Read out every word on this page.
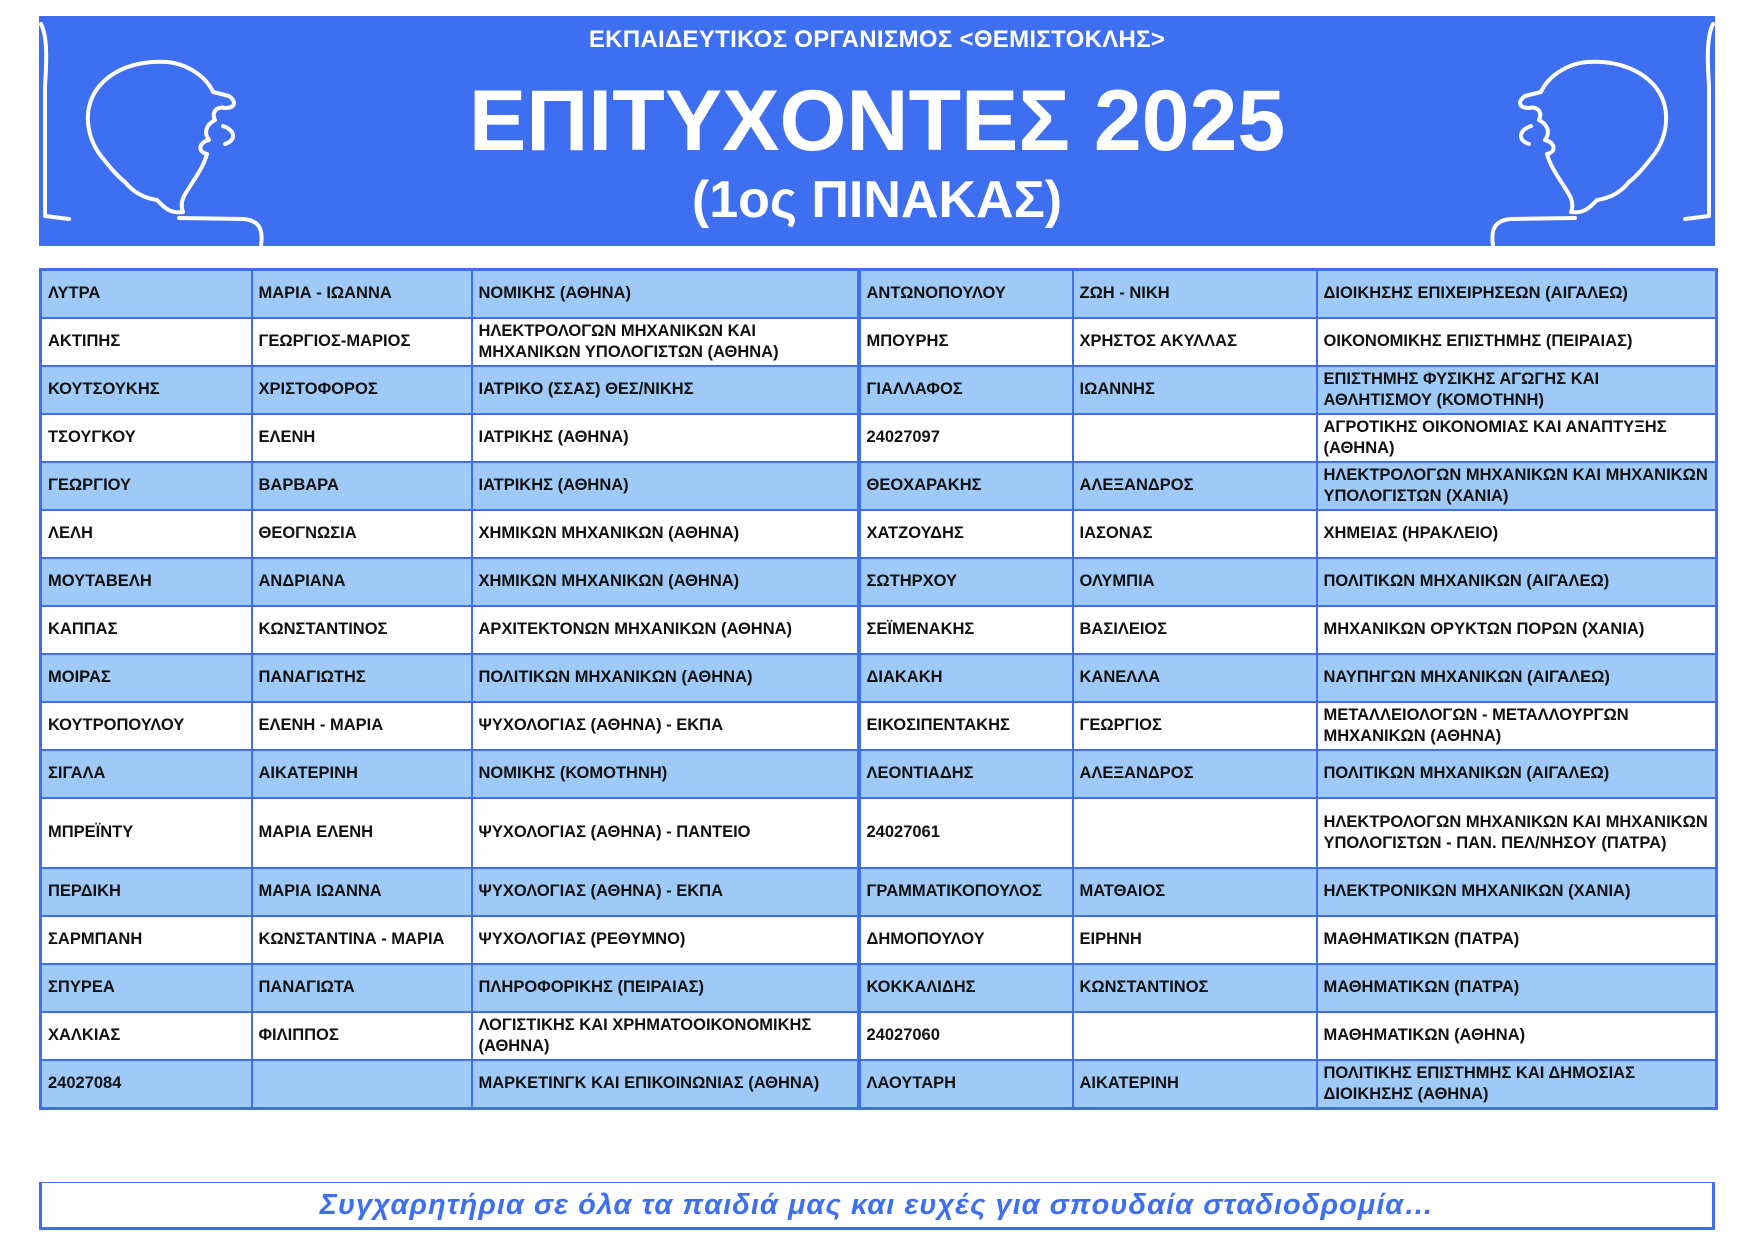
ΕΚΠΑΙΔΕΥΤΙΚΟΣ ΟΡΓΑΝΙΣΜΟΣ <ΘΕΜΙΣΤΟΚΛΗΣ>
ΕΠΙΤΥΧΟΝΤΕΣ 2025
(1ος ΠΙΝΑΚΑΣ)
ΛΥΤΡΑ	ΜΑΡΙΑ - ΙΩΑΝΝΑ	ΝΟΜΙΚΗΣ (ΑΘΗΝΑ)	ΑΝΤΩΝΟΠΟΥΛΟΥ	ΖΩΗ - ΝΙΚΗ	ΔΙΟΙΚΗΣΗΣ ΕΠΙΧΕΙΡΗΣΕΩΝ (ΑΙΓΑΛΕΩ)
ΑΚΤΙΠΗΣ	ΓΕΩΡΓΙΟΣ-ΜΑΡΙΟΣ	ΗΛΕΚΤΡΟΛΟΓΩΝ ΜΗΧΑΝΙΚΩΝ ΚΑΙ ΜΗΧΑΝΙΚΩΝ ΥΠΟΛΟΓΙΣΤΩΝ (ΑΘΗΝΑ)	ΜΠΟΥΡΗΣ	ΧΡΗΣΤΟΣ ΑΚΥΛΛΑΣ	ΟΙΚΟΝΟΜΙΚΗΣ ΕΠΙΣΤΗΜΗΣ (ΠΕΙΡΑΙΑΣ)
ΚΟΥΤΣΟΥΚΗΣ	ΧΡΙΣΤΟΦΟΡΟΣ	ΙΑΤΡΙΚΟ (ΣΣΑΣ) ΘΕΣ/ΝΙΚΗΣ	ΓΙΑΛΛΑΦΟΣ	ΙΩΑΝΝΗΣ	ΕΠΙΣΤΗΜΗΣ ΦΥΣΙΚΗΣ ΑΓΩΓΗΣ ΚΑΙ ΑΘΛΗΤΙΣΜΟΥ (ΚΟΜΟΤΗΝΗ)
ΤΣΟΥΓΚΟΥ	ΕΛΕΝΗ	ΙΑΤΡΙΚΗΣ (ΑΘΗΝΑ)	24027097		ΑΓΡΟΤΙΚΗΣ ΟΙΚΟΝΟΜΙΑΣ ΚΑΙ ΑΝΑΠΤΥΞΗΣ (ΑΘΗΝΑ)
ΓΕΩΡΓΙΟΥ	ΒΑΡΒΑΡΑ	ΙΑΤΡΙΚΗΣ (ΑΘΗΝΑ)	ΘΕΟΧΑΡΑΚΗΣ	ΑΛΕΞΑΝΔΡΟΣ	ΗΛΕΚΤΡΟΛΟΓΩΝ ΜΗΧΑΝΙΚΩΝ ΚΑΙ ΜΗΧΑΝΙΚΩΝ ΥΠΟΛΟΓΙΣΤΩΝ (ΧΑΝΙΑ)
ΛΕΛΗ	ΘΕΟΓΝΩΣΙΑ	ΧΗΜΙΚΩΝ ΜΗΧΑΝΙΚΩΝ (ΑΘΗΝΑ)	ΧΑΤΖΟΥΔΗΣ	ΙΑΣΟΝΑΣ	ΧΗΜΕΙΑΣ (ΗΡΑΚΛΕΙΟ)
ΜΟΥΤΑΒΕΛΗ	ΑΝΔΡΙΑΝΑ	ΧΗΜΙΚΩΝ ΜΗΧΑΝΙΚΩΝ (ΑΘΗΝΑ)	ΣΩΤΗΡΧΟΥ	ΟΛΥΜΠΙΑ	ΠΟΛΙΤΙΚΩΝ ΜΗΧΑΝΙΚΩΝ (ΑΙΓΑΛΕΩ)
ΚΑΠΠΑΣ	ΚΩΝΣΤΑΝΤΙΝΟΣ	ΑΡΧΙΤΕΚΤΟΝΩΝ ΜΗΧΑΝΙΚΩΝ (ΑΘΗΝΑ)	ΣΕΪΜΕΝΑΚΗΣ	ΒΑΣΙΛΕΙΟΣ	ΜΗΧΑΝΙΚΩΝ ΟΡΥΚΤΩΝ ΠΟΡΩΝ (ΧΑΝΙΑ)
ΜΟΙΡΑΣ	ΠΑΝΑΓΙΩΤΗΣ	ΠΟΛΙΤΙΚΩΝ ΜΗΧΑΝΙΚΩΝ (ΑΘΗΝΑ)	ΔΙΑΚΑΚΗ	ΚΑΝΕΛΛΑ	ΝΑΥΠΗΓΩΝ ΜΗΧΑΝΙΚΩΝ (ΑΙΓΑΛΕΩ)
ΚΟΥΤΡΟΠΟΥΛΟΥ	ΕΛΕΝΗ - ΜΑΡΙΑ	ΨΥΧΟΛΟΓΙΑΣ (ΑΘΗΝΑ) - ΕΚΠΑ	ΕΙΚΟΣΙΠΕΝΤΑΚΗΣ	ΓΕΩΡΓΙΟΣ	ΜΕΤΑΛΛΕΙΟΛΟΓΩΝ - ΜΕΤΑΛΛΟΥΡΓΩΝ ΜΗΧΑΝΙΚΩΝ (ΑΘΗΝΑ)
ΣΙΓΑΛΑ	ΑΙΚΑΤΕΡΙΝΗ	ΝΟΜΙΚΗΣ (ΚΟΜΟΤΗΝΗ)	ΛΕΟΝΤΙΑΔΗΣ	ΑΛΕΞΑΝΔΡΟΣ	ΠΟΛΙΤΙΚΩΝ ΜΗΧΑΝΙΚΩΝ (ΑΙΓΑΛΕΩ)
ΜΠΡΕΪΝΤΥ	ΜΑΡΙΑ ΕΛΕΝΗ	ΨΥΧΟΛΟΓΙΑΣ (ΑΘΗΝΑ) - ΠΑΝΤΕΙΟ	24027061		ΗΛΕΚΤΡΟΛΟΓΩΝ ΜΗΧΑΝΙΚΩΝ ΚΑΙ ΜΗΧΑΝΙΚΩΝ ΥΠΟΛΟΓΙΣΤΩΝ - ΠΑΝ. ΠΕΛ/ΝΗΣΟΥ (ΠΑΤΡΑ)
ΠΕΡΔΙΚΗ	ΜΑΡΙΑ ΙΩΑΝΝΑ	ΨΥΧΟΛΟΓΙΑΣ (ΑΘΗΝΑ) - ΕΚΠΑ	ΓΡΑΜΜΑΤΙΚΟΠΟΥΛΟΣ	ΜΑΤΘΑΙΟΣ	ΗΛΕΚΤΡΟΝΙΚΩΝ ΜΗΧΑΝΙΚΩΝ (ΧΑΝΙΑ)
ΣΑΡΜΠΑΝΗ	ΚΩΝΣΤΑΝΤΙΝΑ - ΜΑΡΙΑ	ΨΥΧΟΛΟΓΙΑΣ (ΡΕΘΥΜΝΟ)	ΔΗΜΟΠΟΥΛΟΥ	ΕΙΡΗΝΗ	ΜΑΘΗΜΑΤΙΚΩΝ (ΠΑΤΡΑ)
ΣΠΥΡΕΑ	ΠΑΝΑΓΙΩΤΑ	ΠΛΗΡΟΦΟΡΙΚΗΣ (ΠΕΙΡΑΙΑΣ)	ΚΟΚΚΑΛΙΔΗΣ	ΚΩΝΣΤΑΝΤΙΝΟΣ	ΜΑΘΗΜΑΤΙΚΩΝ (ΠΑΤΡΑ)
ΧΑΛΚΙΑΣ	ΦΙΛΙΠΠΟΣ	ΛΟΓΙΣΤΙΚΗΣ ΚΑΙ ΧΡΗΜΑΤΟΟΙΚΟΝΟΜΙΚΗΣ (ΑΘΗΝΑ)	24027060		ΜΑΘΗΜΑΤΙΚΩΝ (ΑΘΗΝΑ)
24027084		ΜΑΡΚΕΤΙΝΓΚ ΚΑΙ ΕΠΙΚΟΙΝΩΝΙΑΣ (ΑΘΗΝΑ)	ΛΑΟΥΤΑΡΗ	ΑΙΚΑΤΕΡΙΝΗ	ΠΟΛΙΤΙΚΗΣ ΕΠΙΣΤΗΜΗΣ ΚΑΙ ΔΗΜΟΣΙΑΣ ΔΙΟΙΚΗΣΗΣ (ΑΘΗΝΑ)
Συγχαρητήρια σε όλα τα παιδιά μας και ευχές για σπουδαία σταδιοδρομία…
